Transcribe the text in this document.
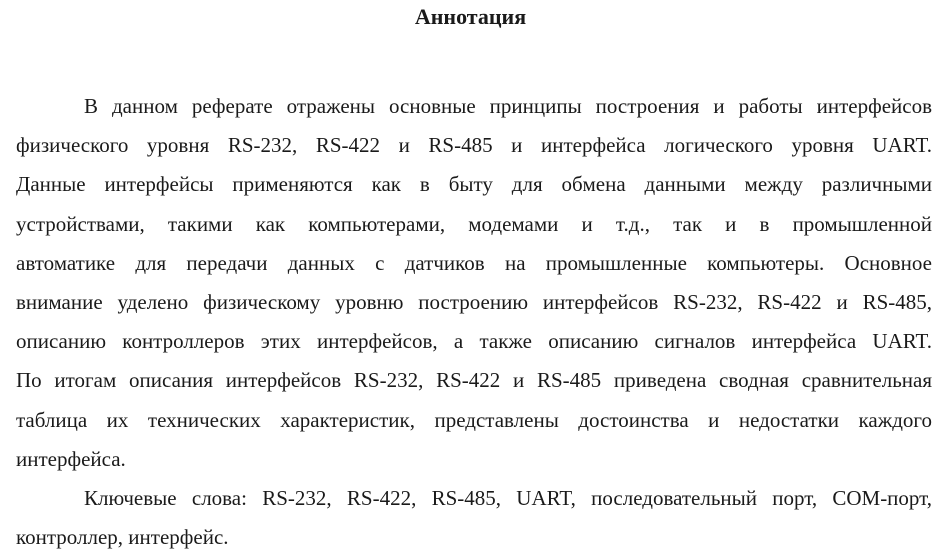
Аннотация
В данном реферате отражены основные принципы построения и работы интерфейсов
физического уровня RS-232, RS-422 и RS-485 и интерфейса логического уровня UART.
Данные интерфейсы применяются как в быту для обмена данными между различными
устройствами, такими как компьютерами, модемами и т.д., так и в промышленной
автоматике для передачи данных с датчиков на промышленные компьютеры. Основное
внимание уделено физическому уровню построению интерфейсов RS-232, RS-422 и RS-485,
описанию контроллеров этих интерфейсов, а также описанию сигналов интерфейса UART.
По итогам описания интерфейсов RS-232, RS-422 и RS-485 приведена сводная сравнительная
таблица их технических характеристик, представлены достоинства и недостатки каждого
интерфейса.
Ключевые слова: RS-232, RS-422, RS-485, UART, последовательный порт, COM-порт,
контроллер, интерфейс.
